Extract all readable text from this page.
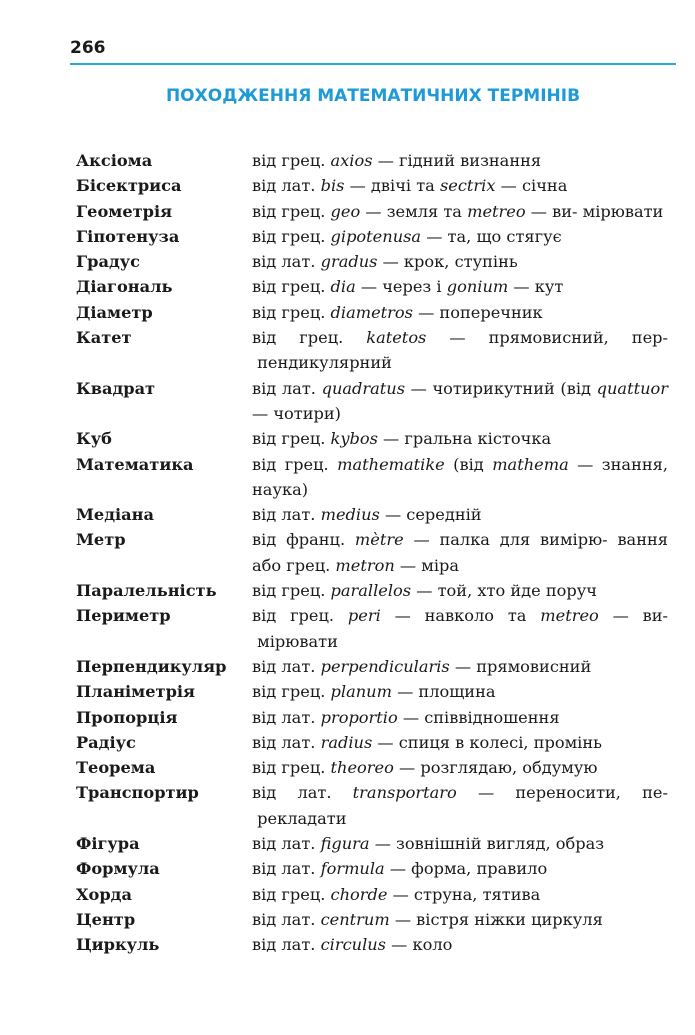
266
ПОХОДЖЕННЯ МАТЕМАТИЧНИХ ТЕРМІНІВ
Аксіома	від грец. axios — гідний визнання
Бісектриса	від лат. bis — двічі та sectrix — січна
Геометрія	від грец. geo — земля та metreo — ви- мірювати
Гіпотенуза	від грец. gipotenusa — та, що стягує
Градус	від лат. gradus — крок, ступінь
Діагональ	від грец. dia — через і gonium — кут
Діаметр	від грец. diametros — поперечник
Катет	від грец. katetos — прямовисний, пер- пендикулярний
Квадрат	від лат. quadratus — чотирикутний (від quattuor — чотири)
Куб	від грец. kybos — гральна кісточка
Математика	від грец. mathematike (від mathema — знання, наука)
Медіана	від лат. medius — середній
Метр	від франц. mètre — палка для вимірю- вання або грец. metron — міра
Паралельність	від грец. parallelos — той, хто йде поруч
Периметр	від грец. peri — навколо та metreo — ви- мірювати
Перпендикуляр	від лат. perpendicularis — прямовисний
Планіметрія	від грец. planum — площина
Пропорція	від лат. proportio — співвідношення
Радіус	від лат. radius — спиця в колесі, промінь
Теорема	від грец. theoreo — розглядаю, обдумую
Транспортир	від лат. transportaro — переносити, пе- рекладати
Фігура	від лат. figura — зовнішній вигляд, образ
Формула	від лат. formula — форма, правило
Хорда	від грец. chorde — струна, тятива
Центр	від лат. centrum — вістря ніжки циркуля
Циркуль	від лат. circulus — коло
